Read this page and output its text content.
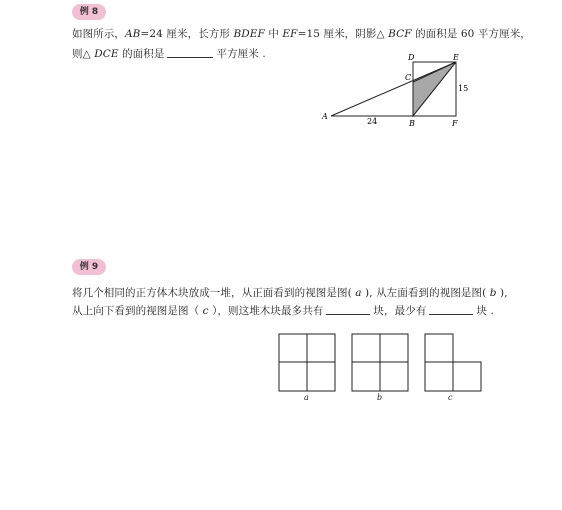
例 8
如图所示，AB=24 厘米，长方形 BDEF 中 EF=15 厘米，阴影△ BCF 的面积是 60 平方厘米，
则△ DCE 的面积是	平方厘米 .
A
B
C
D	E
F
24
15
例 9
将几个相同的正方体木块放成一堆，从正面看到的视图是图( a ), 从左面看到的视图是图( b ),
从上向下看到的视图是图（ c ），则这堆木块最多共有	块，最少有	块 .
a	b	c
